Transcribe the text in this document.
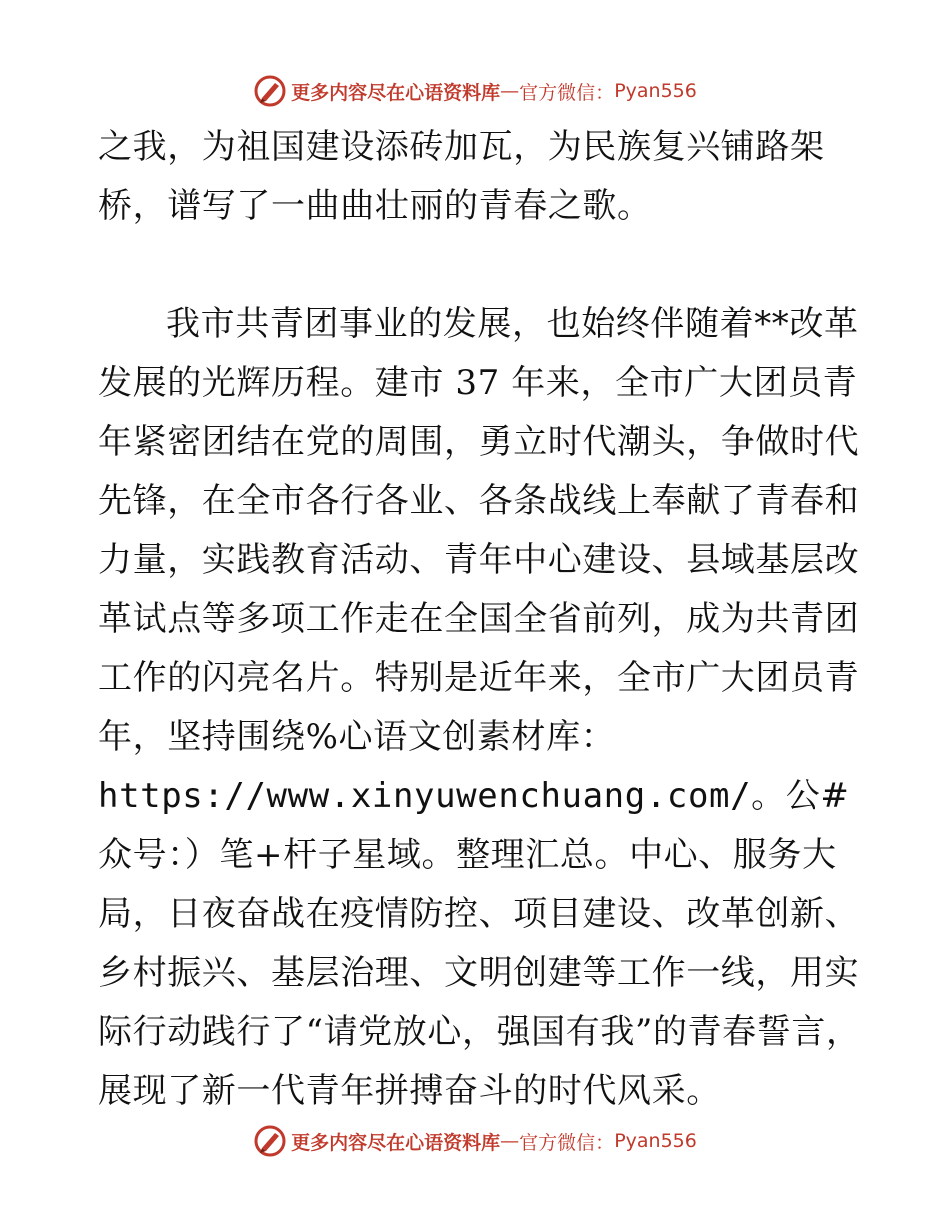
更多内容尽在心语资料库 — 官方微信： Pyan556

之我，为祖国建设添砖加瓦，为民族复兴铺路架桥，谱写了一曲曲壮丽的青春之歌。

我市共青团事业的发展，也始终伴随着**改革发展的光辉历程。建市 37 年来，全市广大团员青年紧密团结在党的周围，勇立时代潮头，争做时代先锋，在全市各行各业、各条战线上奉献了青春和力量，实践教育活动、青年中心建设、县域基层改革试点等多项工作走在全国全省前列，成为共青团工作的闪亮名片。特别是近年来，全市广大团员青年，坚持围绕%心语文创素材库：https://www.xinyuwenchuang.com/。公#众号：）笔+杆子星域。整理汇总。中心、服务大局，日夜奋战在疫情防控、项目建设、改革创新、乡村振兴、基层治理、文明创建等工作一线，用实际行动践行了“请党放心，强国有我”的青春誓言，展现了新一代青年拼搏奋斗的时代风采。

更多内容尽在心语资料库 — 官方微信： Pyan556
